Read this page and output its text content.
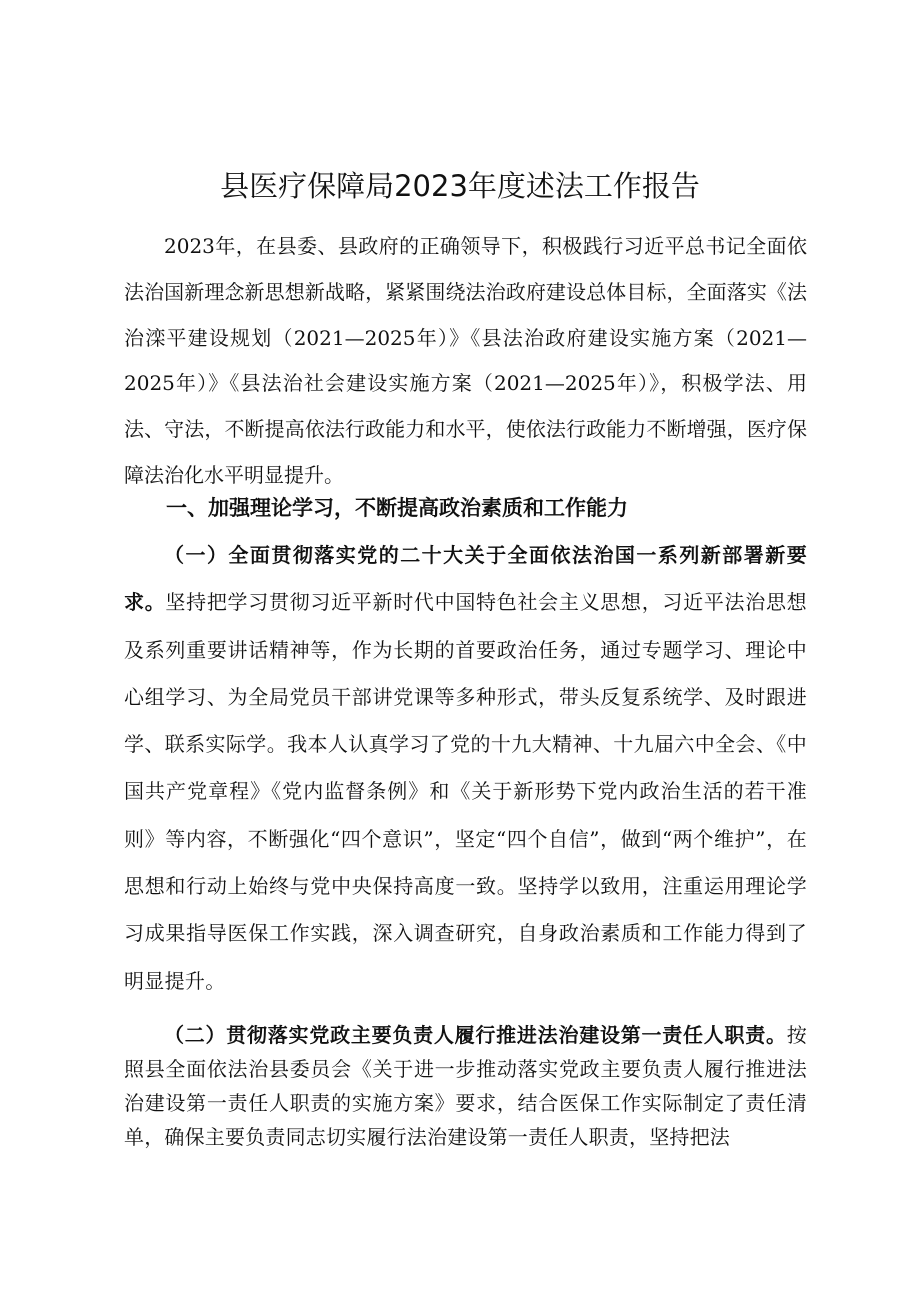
县医疗保障局2023年度述法工作报告

2023年，在县委、县政府的正确领导下，积极践行习近平总书记全面依法治国新理念新思想新战略，紧紧围绕法治政府建设总体目标，全面落实《法治滦平建设规划（2021—2025年）》《县法治政府建设实施方案（2021—2025年）》《县法治社会建设实施方案（2021—2025年）》，积极学法、用法、守法，不断提高依法行政能力和水平，使依法行政能力不断增强，医疗保障法治化水平明显提升。

一、加强理论学习，不断提高政治素质和工作能力

（一）全面贯彻落实党的二十大关于全面依法治国一系列新部署新要求。坚持把学习贯彻习近平新时代中国特色社会主义思想，习近平法治思想及系列重要讲话精神等，作为长期的首要政治任务，通过专题学习、理论中心组学习、为全局党员干部讲党课等多种形式，带头反复系统学、及时跟进学、联系实际学。我本人认真学习了党的十九大精神、十九届六中全会、《中国共产党章程》《党内监督条例》和《关于新形势下党内政治生活的若干准则》等内容，不断强化“四个意识”，坚定“四个自信”，做到“两个维护”，在思想和行动上始终与党中央保持高度一致。坚持学以致用，注重运用理论学习成果指导医保工作实践，深入调查研究，自身政治素质和工作能力得到了明显提升。

（二）贯彻落实党政主要负责人履行推进法治建设第一责任人职责。按照县全面依法治县委员会《关于进一步推动落实党政主要负责人履行推进法治建设第一责任人职责的实施方案》要求，结合医保工作实际制定了责任清单，确保主要负责同志切实履行法治建设第一责任人职责，坚持把法
